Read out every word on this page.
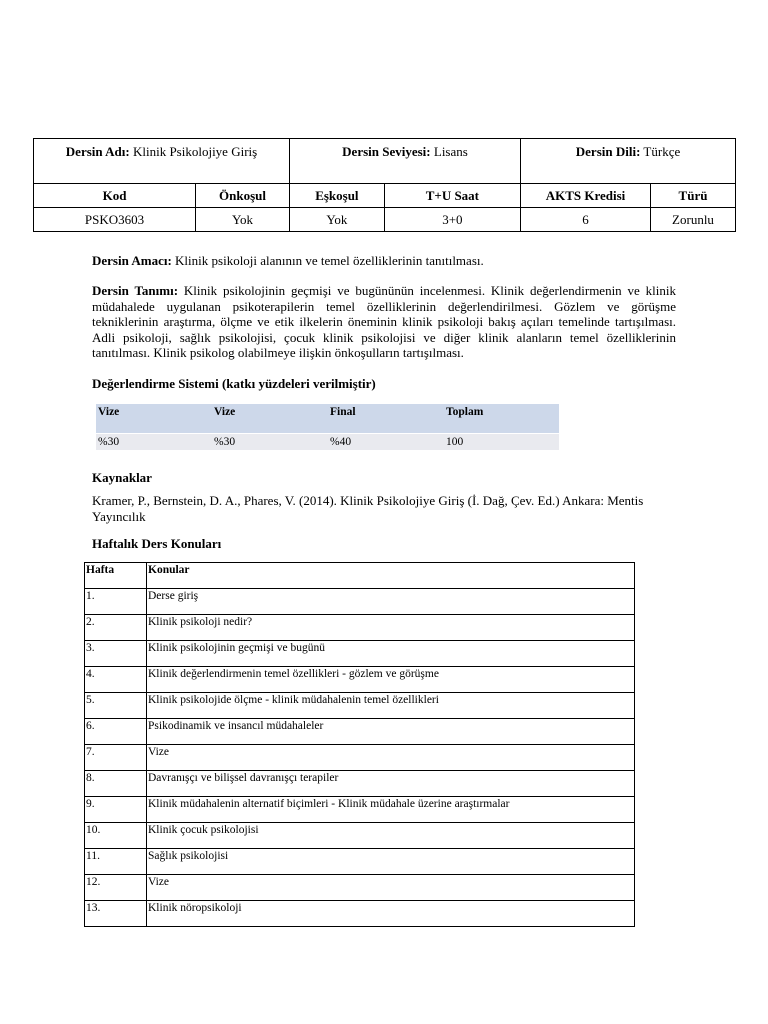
Dersin Adı: Klinik Psikolojiye Giriş		Dersin Seviyesi: Lisans		Dersin Dili: Türkçe	
Kod	Önkoşul	Eşkoşul	T+U Saat	AKTS Kredisi	Türü
PSKO3603	Yok	Yok	3+0	6	Zorunlu
Dersin Amacı: Klinik psikoloji alanının ve temel özelliklerinin tanıtılması.
Dersin Tanımı: Klinik psikolojinin geçmişi ve bugününün incelenmesi. Klinik değerlendirmenin ve klinik müdahalede uygulanan psikoterapilerin temel özelliklerinin değerlendirilmesi. Gözlem ve görüşme tekniklerinin araştırma, ölçme ve etik ilkelerin öneminin klinik psikoloji bakış açıları temelinde tartışılması. Adli psikoloji, sağlık psikolojisi, çocuk klinik psikolojisi ve diğer klinik alanların temel özelliklerinin tanıtılması. Klinik psikolog olabilmeye ilişkin önkoşulların tartışılması.
Değerlendirme Sistemi (katkı yüzdeleri verilmiştir)
Vize	Vize	Final	Toplam
%30	%30	%40	100
Kaynaklar
Kramer, P., Bernstein, D. A., Phares, V. (2014). Klinik Psikolojiye Giriş (İ. Dağ, Çev. Ed.) Ankara: Mentis Yayıncılık
Haftalık Ders Konuları
Hafta	Konular
1.	Derse giriş
2.	Klinik psikoloji nedir?
3.	Klinik psikolojinin geçmişi ve bugünü
4.	Klinik değerlendirmenin temel özellikleri - gözlem ve görüşme
5.	Klinik psikolojide ölçme - klinik müdahalenin temel özellikleri
6.	Psikodinamik ve insancıl müdahaleler
7.	Vize
8.	Davranışçı ve bilişsel davranışçı terapiler
9.	Klinik müdahalenin alternatif biçimleri - Klinik müdahale üzerine araştırmalar
10.	Klinik çocuk psikolojisi
11.	Sağlık psikolojisi
12.	Vize
13.	Klinik nöropsikoloji
